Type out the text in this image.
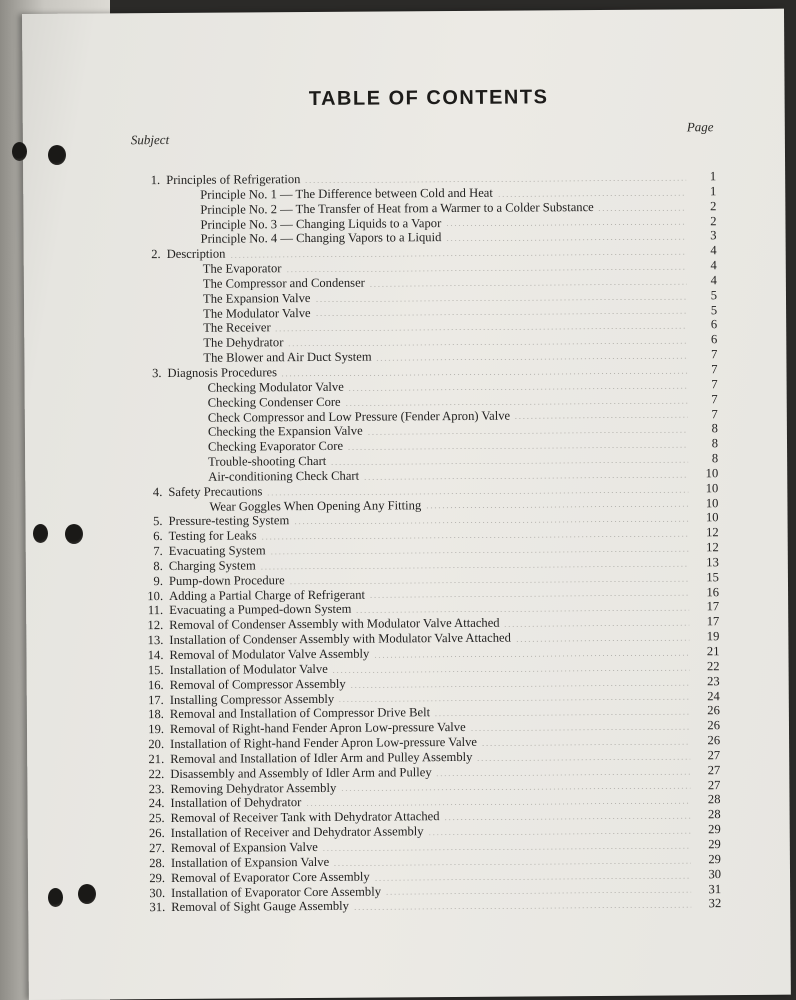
TABLE OF CONTENTS
Subject
Page
1. Principles of Refrigeration	1
Principle No. 1 — The Difference between Cold and Heat	1
Principle No. 2 — The Transfer of Heat from a Warmer to a Colder Substance	2
Principle No. 3 — Changing Liquids to a Vapor	2
Principle No. 4 — Changing Vapors to a Liquid	3
2. Description	4
The Evaporator	4
The Compressor and Condenser	4
The Expansion Valve	5
The Modulator Valve	5
The Receiver	6
The Dehydrator	6
The Blower and Air Duct System	7
3. Diagnosis Procedures	7
Checking Modulator Valve	7
Checking Condenser Core	7
Check Compressor and Low Pressure (Fender Apron) Valve	7
Checking the Expansion Valve	8
Checking Evaporator Core	8
Trouble-shooting Chart	8
Air-conditioning Check Chart	10
4. Safety Precautions	10
Wear Goggles When Opening Any Fitting	10
5. Pressure-testing System	10
6. Testing for Leaks	12
7. Evacuating System	12
8. Charging System	13
9. Pump-down Procedure	15
10. Adding a Partial Charge of Refrigerant	16
11. Evacuating a Pumped-down System	17
12. Removal of Condenser Assembly with Modulator Valve Attached	17
13. Installation of Condenser Assembly with Modulator Valve Attached	19
14. Removal of Modulator Valve Assembly	21
15. Installation of Modulator Valve	22
16. Removal of Compressor Assembly	23
17. Installing Compressor Assembly	24
18. Removal and Installation of Compressor Drive Belt	26
19. Removal of Right-hand Fender Apron Low-pressure Valve	26
20. Installation of Right-hand Fender Apron Low-pressure Valve	26
21. Removal and Installation of Idler Arm and Pulley Assembly	27
22. Disassembly and Assembly of Idler Arm and Pulley	27
23. Removing Dehydrator Assembly	27
24. Installation of Dehydrator	28
25. Removal of Receiver Tank with Dehydrator Attached	28
26. Installation of Receiver and Dehydrator Assembly	29
27. Removal of Expansion Valve	29
28. Installation of Expansion Valve	29
29. Removal of Evaporator Core Assembly	30
30. Installation of Evaporator Core Assembly	31
31. Removal of Sight Gauge Assembly	32
